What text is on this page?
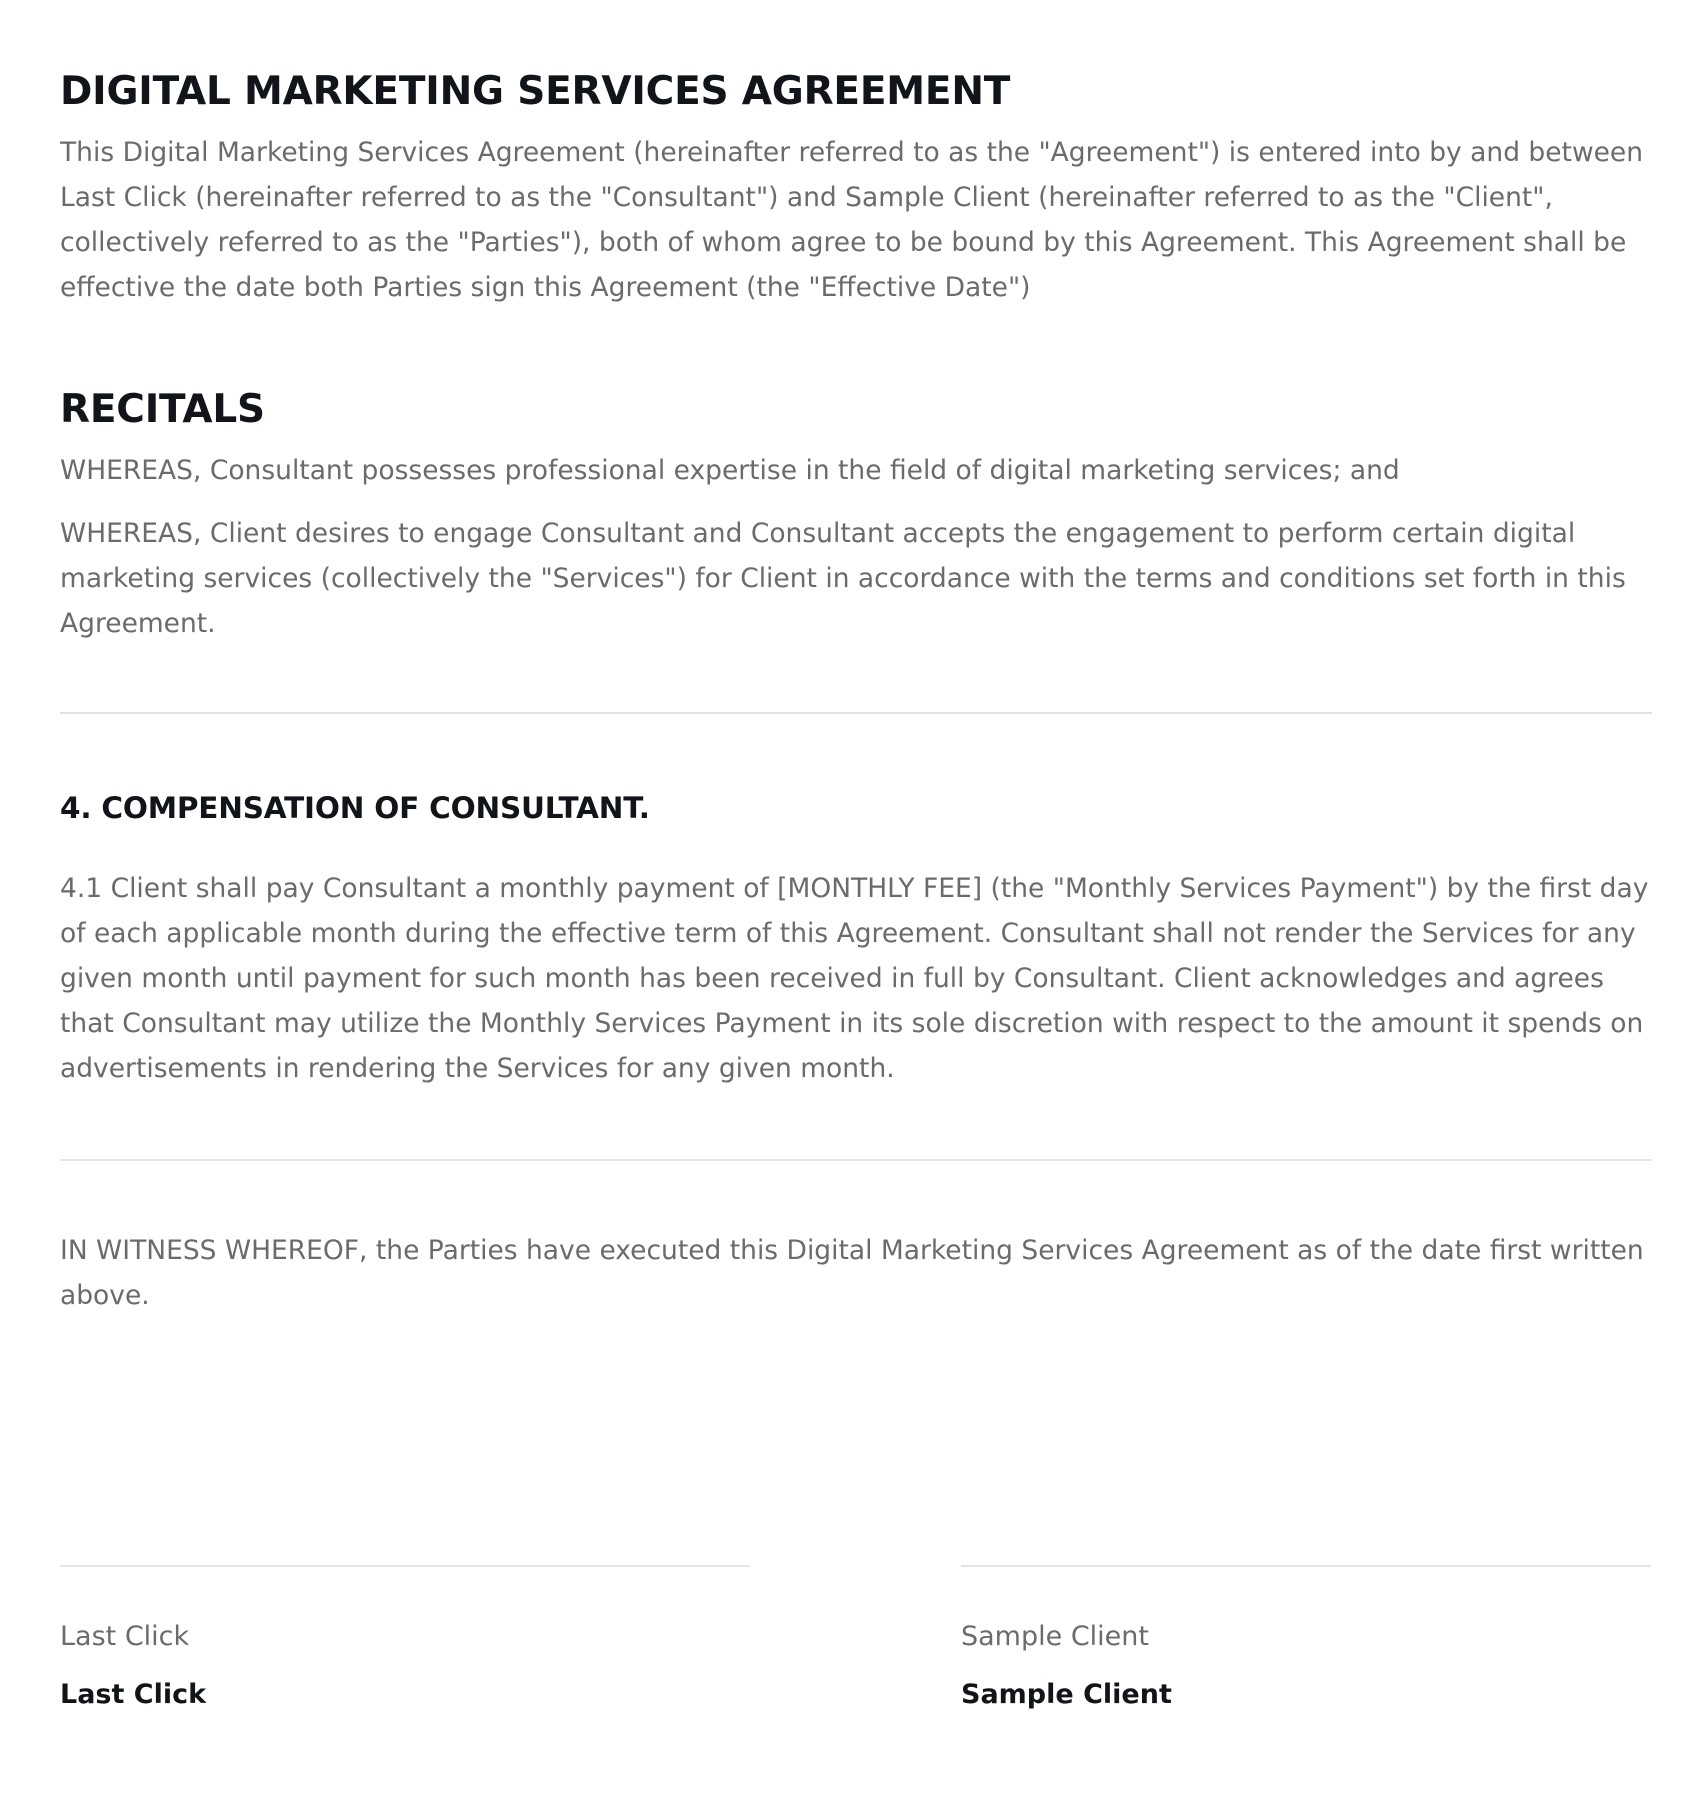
DIGITAL MARKETING SERVICES AGREEMENT

This Digital Marketing Services Agreement (hereinafter referred to as the "Agreement") is entered into by and between Last Click (hereinafter referred to as the "Consultant") and Sample Client (hereinafter referred to as the "Client", collectively referred to as the "Parties"), both of whom agree to be bound by this Agreement. This Agreement shall be effective the date both Parties sign this Agreement (the "Effective Date")

RECITALS

WHEREAS, Consultant possesses professional expertise in the field of digital marketing services; and

WHEREAS, Client desires to engage Consultant and Consultant accepts the engagement to perform certain digital marketing services (collectively the "Services") for Client in accordance with the terms and conditions set forth in this Agreement.

4. COMPENSATION OF CONSULTANT.

4.1 Client shall pay Consultant a monthly payment of [MONTHLY FEE] (the "Monthly Services Payment") by the first day of each applicable month during the effective term of this Agreement. Consultant shall not render the Services for any given month until payment for such month has been received in full by Consultant. Client acknowledges and agrees that Consultant may utilize the Monthly Services Payment in its sole discretion with respect to the amount it spends on advertisements in rendering the Services for any given month.

IN WITNESS WHEREOF, the Parties have executed this Digital Marketing Services Agreement as of the date first written above.

Last Click
Last Click
Sample Client
Sample Client
